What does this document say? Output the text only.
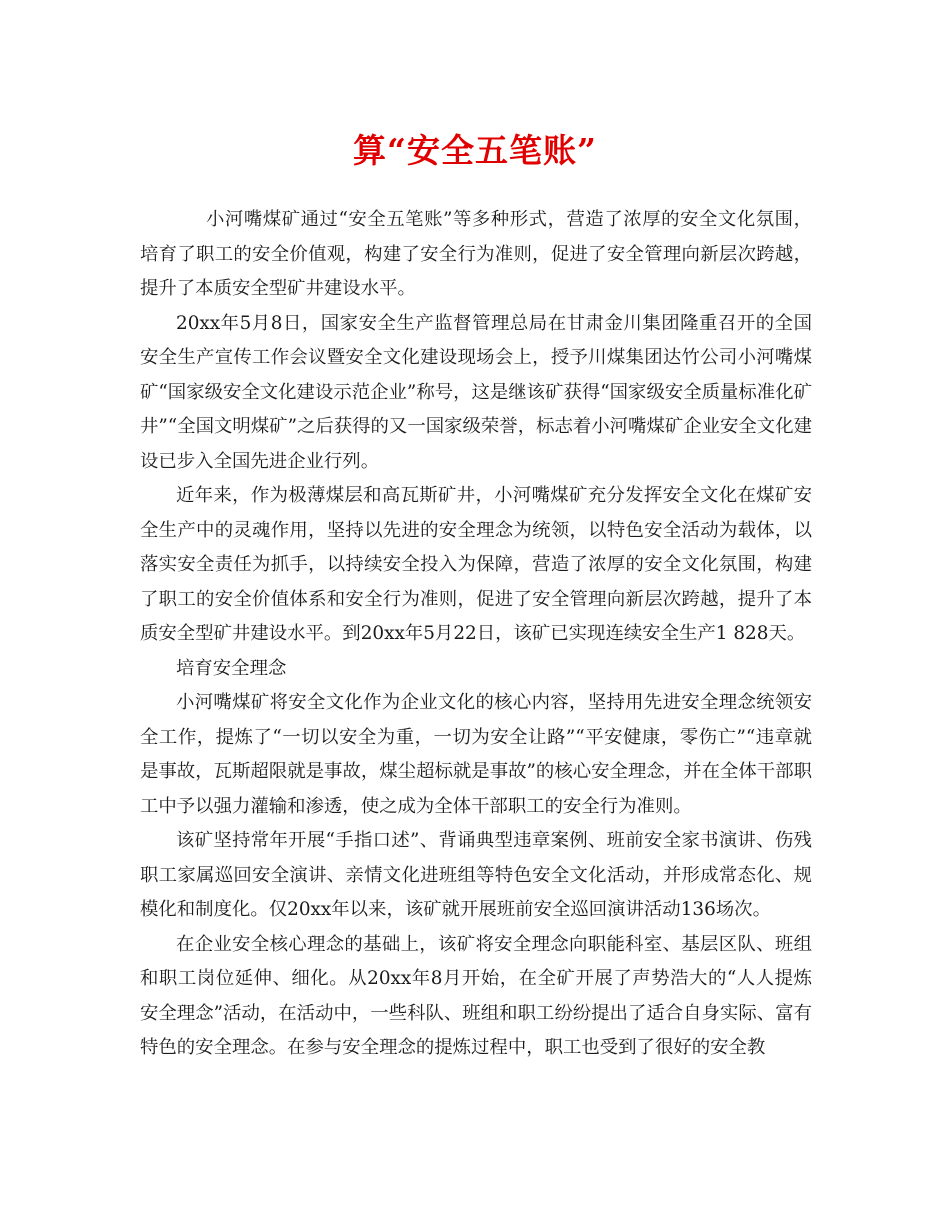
算“安全五笔账”

小河嘴煤矿通过“安全五笔账”等多种形式，营造了浓厚的安全文化氛围，培育了职工的安全价值观，构建了安全行为准则，促进了安全管理向新层次跨越，提升了本质安全型矿井建设水平。

20xx年5月8日，国家安全生产监督管理总局在甘肃金川集团隆重召开的全国安全生产宣传工作会议暨安全文化建设现场会上，授予川煤集团达竹公司小河嘴煤矿“国家级安全文化建设示范企业”称号，这是继该矿获得“国家级安全质量标准化矿井”“全国文明煤矿”之后获得的又一国家级荣誉，标志着小河嘴煤矿企业安全文化建设已步入全国先进企业行列。

近年来，作为极薄煤层和高瓦斯矿井，小河嘴煤矿充分发挥安全文化在煤矿安全生产中的灵魂作用，坚持以先进的安全理念为统领，以特色安全活动为载体，以落实安全责任为抓手，以持续安全投入为保障，营造了浓厚的安全文化氛围，构建了职工的安全价值体系和安全行为准则，促进了安全管理向新层次跨越，提升了本质安全型矿井建设水平。到20xx年5月22日，该矿已实现连续安全生产1 828天。

培育安全理念

小河嘴煤矿将安全文化作为企业文化的核心内容，坚持用先进安全理念统领安全工作，提炼了“一切以安全为重，一切为安全让路”“平安健康，零伤亡”“违章就是事故，瓦斯超限就是事故，煤尘超标就是事故”的核心安全理念，并在全体干部职工中予以强力灌输和渗透，使之成为全体干部职工的安全行为准则。

该矿坚持常年开展“手指口述”、背诵典型违章案例、班前安全家书演讲、伤残职工家属巡回安全演讲、亲情文化进班组等特色安全文化活动，并形成常态化、规模化和制度化。仅20xx年以来，该矿就开展班前安全巡回演讲活动136场次。

在企业安全核心理念的基础上，该矿将安全理念向职能科室、基层区队、班组和职工岗位延伸、细化。从20xx年8月开始，在全矿开展了声势浩大的“人人提炼安全理念”活动，在活动中，一些科队、班组和职工纷纷提出了适合自身实际、富有特色的安全理念。在参与安全理念的提炼过程中，职工也受到了很好的安全教
